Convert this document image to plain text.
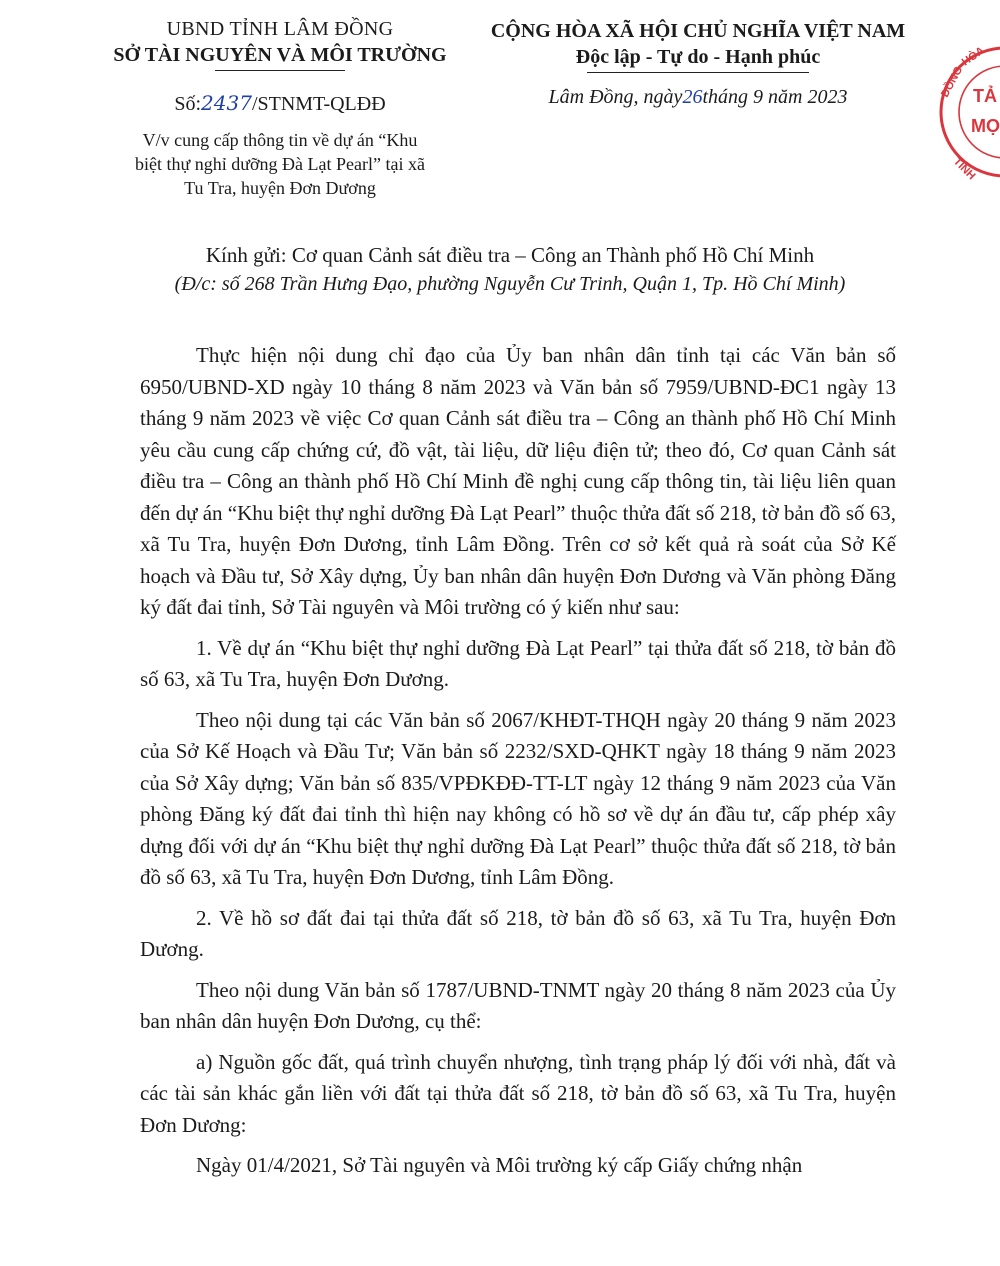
UBND TỈNH LÂM ĐỒNG
SỞ TÀI NGUYÊN VÀ MÔI TRƯỜNG
Số:2437/STNMT-QLĐĐ
V/v cung cấp thông tin về dự án “Khu
biệt thự nghỉ dưỡng Đà Lạt Pearl” tại xã
Tu Tra, huyện Đơn Dương
CỘNG HÒA XÃ HỘI CHỦ NGHĨA VIỆT NAM
Độc lập - Tự do - Hạnh phúc
Lâm Đồng, ngày26tháng 9 năm 2023	ĐỒNG
HÒA
TẢ
MỌ
TINH
Kính gửi: Cơ quan Cảnh sát điều tra – Công an Thành phố Hồ Chí Minh
(Đ/c: số 268 Trần Hưng Đạo, phường Nguyễn Cư Trinh, Quận 1, Tp. Hồ Chí Minh)

Thực hiện nội dung chỉ đạo của Ủy ban nhân dân tỉnh tại các Văn bản số 6950/UBND-XD ngày 10 tháng 8 năm 2023 và Văn bản số 7959/UBND-ĐC1 ngày 13 tháng 9 năm 2023 về việc Cơ quan Cảnh sát điều tra – Công an thành phố Hồ Chí Minh yêu cầu cung cấp chứng cứ, đồ vật, tài liệu, dữ liệu điện tử; theo đó, Cơ quan Cảnh sát điều tra – Công an thành phố Hồ Chí Minh đề nghị cung cấp thông tin, tài liệu liên quan đến dự án “Khu biệt thự nghỉ dưỡng Đà Lạt Pearl” thuộc thửa đất số 218, tờ bản đồ số 63, xã Tu Tra, huyện Đơn Dương, tỉnh Lâm Đồng. Trên cơ sở kết quả rà soát của Sở Kế hoạch và Đầu tư, Sở Xây dựng, Ủy ban nhân dân huyện Đơn Dương và Văn phòng Đăng ký đất đai tỉnh, Sở Tài nguyên và Môi trường có ý kiến như sau:

1. Về dự án “Khu biệt thự nghỉ dưỡng Đà Lạt Pearl” tại thửa đất số 218, tờ bản đồ số 63, xã Tu Tra, huyện Đơn Dương.

Theo nội dung tại các Văn bản số 2067/KHĐT-THQH ngày 20 tháng 9 năm 2023 của Sở Kế Hoạch và Đầu Tư; Văn bản số 2232/SXD-QHKT ngày 18 tháng 9 năm 2023 của Sở Xây dựng; Văn bản số 835/VPĐKĐĐ-TT-LT ngày 12 tháng 9 năm 2023 của Văn phòng Đăng ký đất đai tỉnh thì hiện nay không có hồ sơ về dự án đầu tư, cấp phép xây dựng đối với dự án “Khu biệt thự nghỉ dưỡng Đà Lạt Pearl” thuộc thửa đất số 218, tờ bản đồ số 63, xã Tu Tra, huyện Đơn Dương, tỉnh Lâm Đồng.

2. Về hồ sơ đất đai tại thửa đất số 218, tờ bản đồ số 63, xã Tu Tra, huyện Đơn Dương.

Theo nội dung Văn bản số 1787/UBND-TNMT ngày 20 tháng 8 năm 2023 của Ủy ban nhân dân huyện Đơn Dương, cụ thể:

a) Nguồn gốc đất, quá trình chuyển nhượng, tình trạng pháp lý đối với nhà, đất và các tài sản khác gắn liền với đất tại thửa đất số 218, tờ bản đồ số 63, xã Tu Tra, huyện Đơn Dương:

Ngày 01/4/2021, Sở Tài nguyên và Môi trường ký cấp Giấy chứng nhận
